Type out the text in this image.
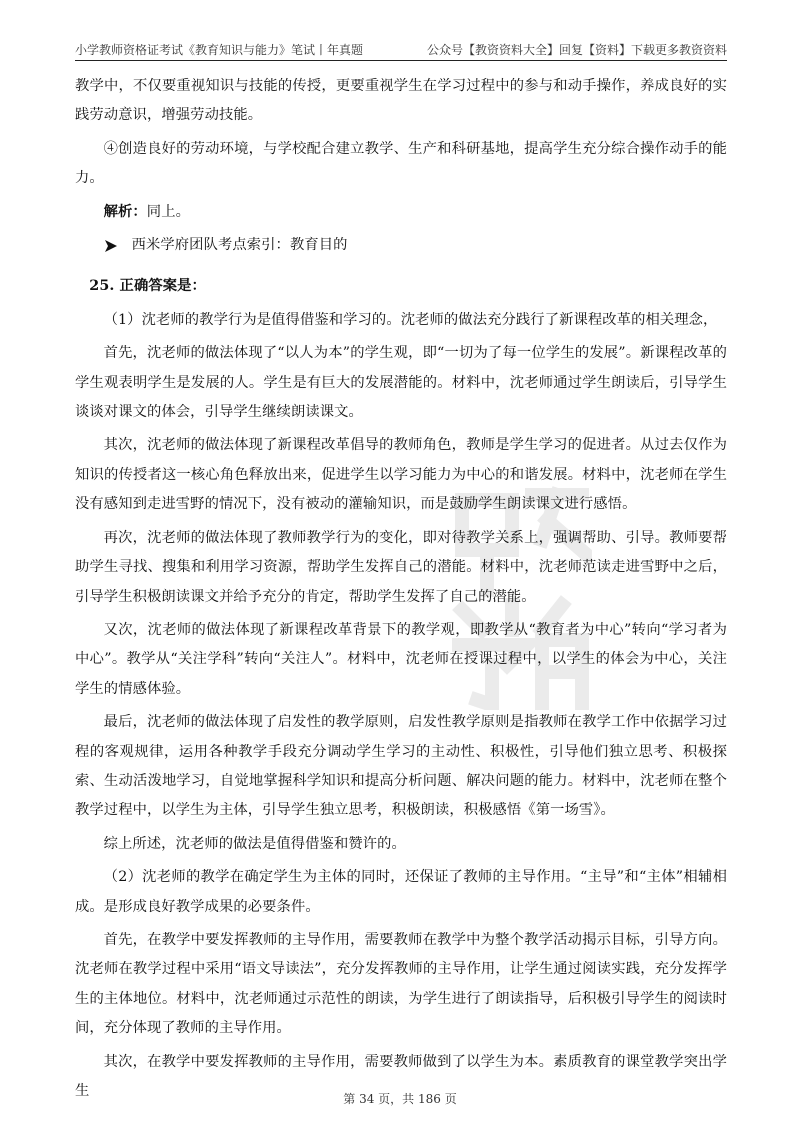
小学教师资格证考试《教育知识与能力》笔试丨年真题	公众号【教资资料大全】回复【资料】下载更多教资资料

教学中，不仅要重视知识与技能的传授，更要重视学生在学习过程中的参与和动手操作，养成良好的实践劳动意识，增强劳动技能。

④创造良好的劳动环境，与学校配合建立教学、生产和科研基地，提高学生充分综合操作动手的能力。

解析：同上。

西米学府团队考点索引：教育目的

25. 正确答案是：

（1）沈老师的教学行为是值得借鉴和学习的。沈老师的做法充分践行了新课程改革的相关理念，

首先，沈老师的做法体现了“以人为本”的学生观，即“一切为了每一位学生的发展”。新课程改革的学生观表明学生是发展的人。学生是有巨大的发展潜能的。材料中，沈老师通过学生朗读后，引导学生谈谈对课文的体会，引导学生继续朗读课文。

其次，沈老师的做法体现了新课程改革倡导的教师角色，教师是学生学习的促进者。从过去仅作为知识的传授者这一核心角色释放出来，促进学生以学习能力为中心的和谐发展。材料中，沈老师在学生没有感知到走进雪野的情况下，没有被动的灌输知识，而是鼓励学生朗读课文进行感悟。

再次，沈老师的做法体现了教师教学行为的变化，即对待教学关系上，强调帮助、引导。教师要帮助学生寻找、搜集和利用学习资源，帮助学生发挥自己的潜能。材料中，沈老师范读走进雪野中之后，引导学生积极朗读课文并给予充分的肯定，帮助学生发挥了自己的潜能。

又次，沈老师的做法体现了新课程改革背景下的教学观，即教学从“教育者为中心”转向“学习者为中心”。教学从“关注学科”转向“关注人”。材料中，沈老师在授课过程中，以学生的体会为中心，关注学生的情感体验。

最后，沈老师的做法体现了启发性的教学原则，启发性教学原则是指教师在教学工作中依据学习过程的客观规律，运用各种教学手段充分调动学生学习的主动性、积极性，引导他们独立思考、积极探索、生动活泼地学习，自觉地掌握科学知识和提高分析问题、解决问题的能力。材料中，沈老师在整个教学过程中，以学生为主体，引导学生独立思考，积极朗读，积极感悟《第一场雪》。

综上所述，沈老师的做法是值得借鉴和赞许的。

（2）沈老师的教学在确定学生为主体的同时，还保证了教师的主导作用。“主导”和“主体”相辅相成。是形成良好教学成果的必要条件。

首先，在教学中要发挥教师的主导作用，需要教师在教学中为整个教学活动揭示目标，引导方向。沈老师在教学过程中采用“语文导读法”，充分发挥教师的主导作用，让学生通过阅读实践，充分发挥学生的主体地位。材料中，沈老师通过示范性的朗读，为学生进行了朗读指导，后积极引导学生的阅读时间，充分体现了教师的主导作用。

其次，在教学中要发挥教师的主导作用，需要教师做到了以学生为本。素质教育的课堂教学突出学生	第 34 页，共 186 页
